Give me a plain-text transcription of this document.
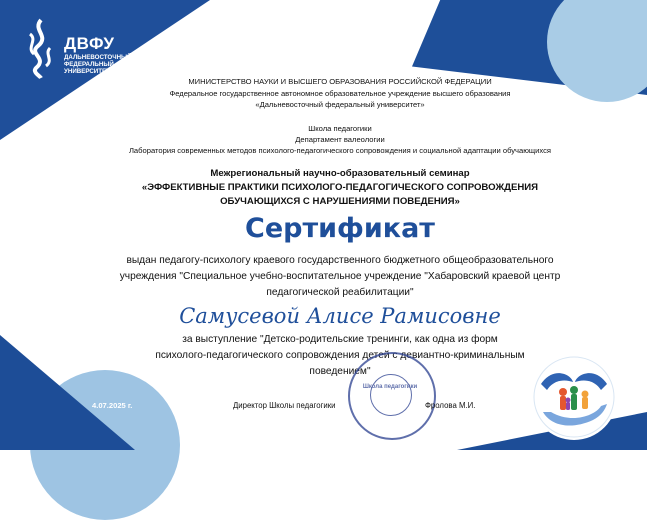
ДВФУ
ДАЛЬНЕВОСТОЧНЫЙ ФЕДЕРАЛЬНЫЙ УНИВЕРСИТЕТ
МИНИСТЕРСТВО НАУКИ И ВЫСШЕГО ОБРАЗОВАНИЯ РОССИЙСКОЙ ФЕДЕРАЦИИ
Федеральное государственное автономное образовательное учреждение высшего образования
«Дальневосточный федеральный университет»
Школа педагогики
Департамент валеологии
Лаборатория современных методов психолого-педагогического сопровождения и социальной адаптации обучающихся
Межрегиональный научно-образовательный семинар
«ЭФФЕКТИВНЫЕ ПРАКТИКИ ПСИХОЛОГО-ПЕДАГОГИЧЕСКОГО СОПРОВОЖДЕНИЯ
ОБУЧАЮЩИХСЯ С НАРУШЕНИЯМИ ПОВЕДЕНИЯ»
Сертификат
выдан педагогу-психологу краевого государственного бюджетного общеобразовательного
учреждения "Специальное учебно-воспитательное учреждение "Хабаровский краевой центр
педагогической реабилитации"
Самусевой Алисе Рамисовне
за выступление "Детско-родительские тренинги, как одна из форм
психолого-педагогического сопровождения детей с девиантно-криминальным
поведением"
Школа педагогики
4.07.2025 г.	Директор Школы педагогики	Фролова М.И.
